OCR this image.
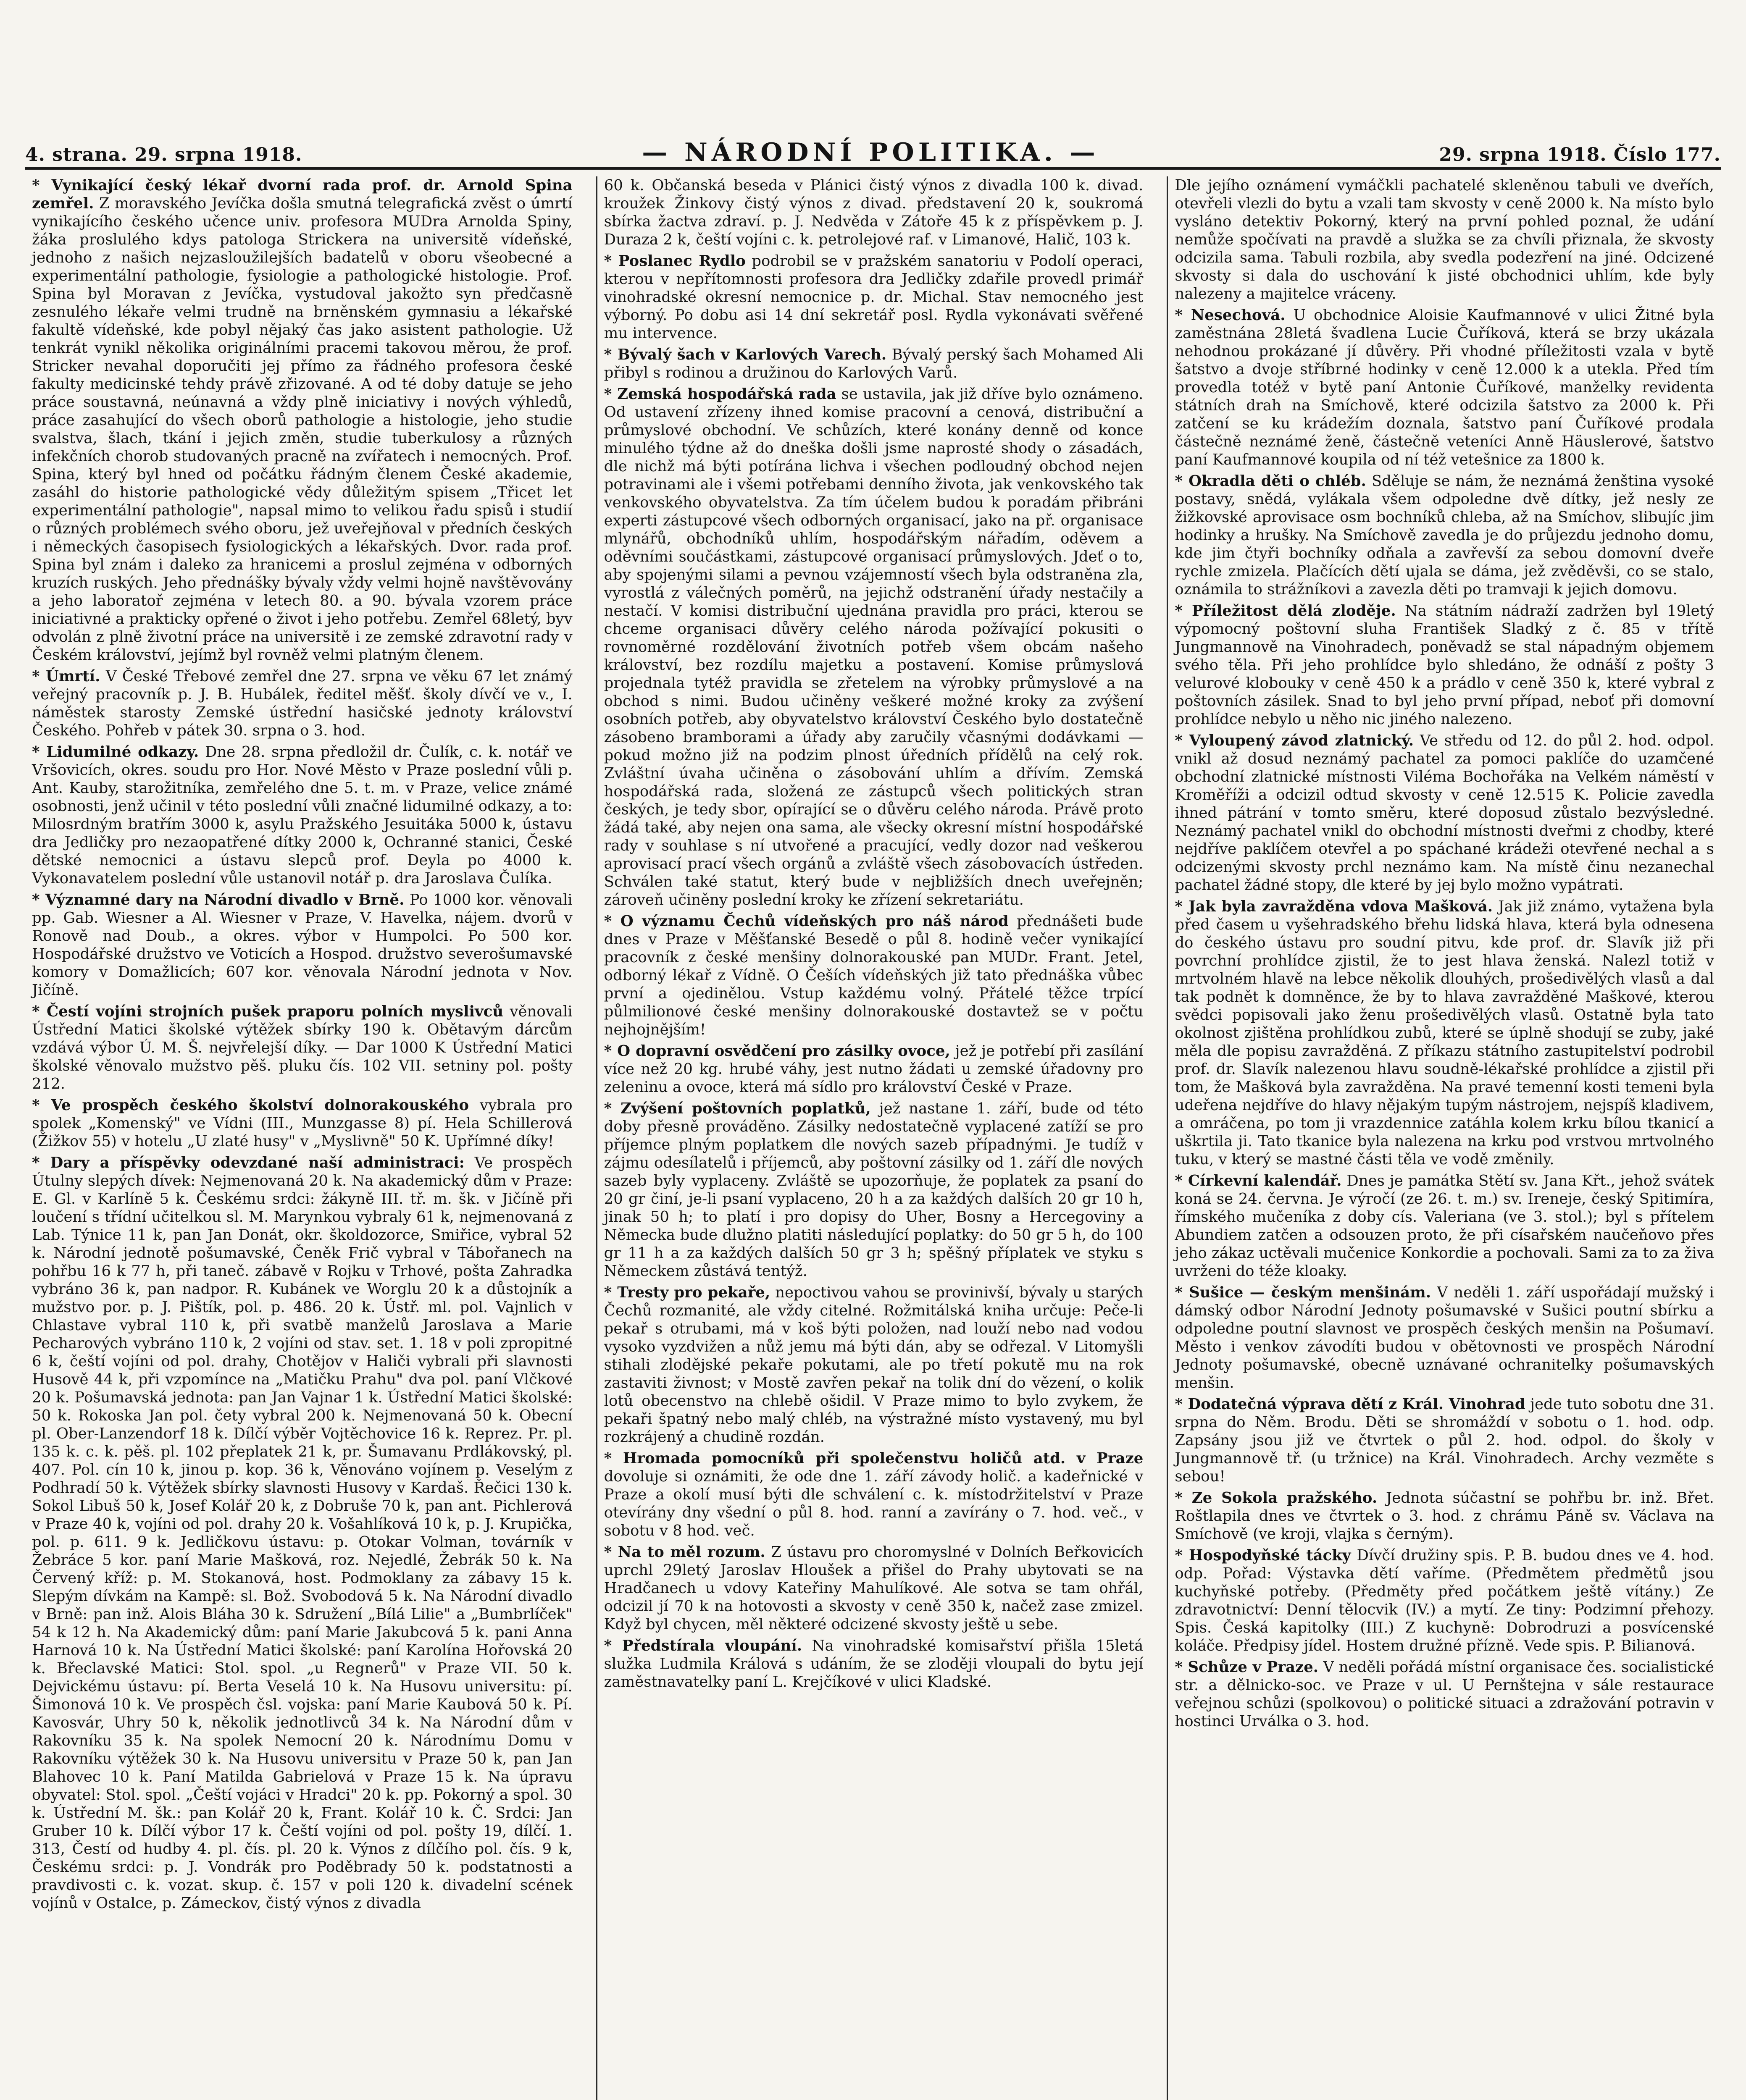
4. strana. 29. srpna 1918.	— NÁRODNÍ POLITIKA. —	29. srpna 1918. Číslo 177.

* Vynikající český lékař dvorní rada prof. dr. Arnold Spina zemřel. Z moravského Jevíčka došla smutná telegrafická zvěst o úmrtí vynikajícího českého učence univ. profesora MUDra Arnolda Spiny, žáka proslulého kdys patologa Strickera na universitě vídeňské, jednoho z našich nejzasloužilejších badatelů v oboru všeobecné a experimentální pathologie, fysiologie a pathologické histologie. Prof. Spina byl Moravan z Jevíčka, vystudoval jakožto syn předčasně zesnulého lékaře velmi trudně na brněnském gymnasiu a lékařské fakultě vídeňské, kde pobyl nějaký čas jako asistent pathologie. Už tenkrát vynikl několika originálními pracemi takovou měrou, že prof. Stricker nevahal doporučiti jej přímo za řádného profesora české fakulty medicinské tehdy právě zřizované. A od té doby datuje se jeho práce soustavná, neúnavná a vždy plně iniciativy i nových výhledů, práce zasahující do všech oborů pathologie a histologie, jeho studie svalstva, šlach, tkání i jejich změn, studie tuberkulosy a různých infekčních chorob studovaných pracně na zvířatech i nemocných. Prof. Spina, který byl hned od počátku řádným členem České akademie, zasáhl do historie pathologické vědy důležitým spisem „Třicet let experimentální pathologie", napsal mimo to velikou řadu spisů i studií o různých problémech svého oboru, jež uveřejňoval v předních českých i německých časopisech fysiologických a lékařských. Dvor. rada prof. Spina byl znám i daleko za hranicemi a proslul zejména v odborných kruzích ruských. Jeho přednášky bývaly vždy velmi hojně navštěvovány a jeho laboratoř zejména v letech 80. a 90. bývala vzorem práce iniciativné a prakticky opřené o život i jeho potřebu. Zemřel 68letý, byv odvolán z plně životní práce na universitě i ze zemské zdravotní rady v Českém království, jejímž byl rovněž velmi platným členem.

* Úmrtí. V České Třebové zemřel dne 27. srpna ve věku 67 let známý veřejný pracovník p. J. B. Hubálek, ředitel měšť. školy dívčí ve v., I. náměstek starosty Zemské ústřední hasičské jednoty království Českého. Pohřeb v pátek 30. srpna o 3. hod.

* Lidumilné odkazy. Dne 28. srpna předložil dr. Čulík, c. k. notář ve Vršovicích, okres. soudu pro Hor. Nové Město v Praze poslední vůli p. Ant. Kauby, starožitníka, zemřelého dne 5. t. m. v Praze, velice známé osobnosti, jenž učinil v této poslední vůli značné lidumilné odkazy, a to: Milosrdným bratřím 3000 k, asylu Pražského Jesuitáka 5000 k, ústavu dra Jedličky pro nezaopatřené dítky 2000 k, Ochranné stanici, České dětské nemocnici a ústavu slepců prof. Deyla po 4000 k. Vykonavatelem poslední vůle ustanovil notář p. dra Jaroslava Čulíka.

* Významné dary na Národní divadlo v Brně. Po 1000 kor. věnovali pp. Gab. Wiesner a Al. Wiesner v Praze, V. Havelka, nájem. dvorů v Ronově nad Doub., a okres. výbor v Humpolci. Po 500 kor. Hospodářské družstvo ve Voticích a Hospod. družstvo severošumavské komory v Domažlicích; 607 kor. věnovala Národní jednota v Nov. Jičíně.

* Čestí vojíni strojních pušek praporu polních myslivců věnovali Ústřední Matici školské výtěžek sbírky 190 k. Obětavým dárcům vzdává výbor Ú. M. Š. nejvřelejší díky. — Dar 1000 K Ústřední Matici školské věnovalo mužstvo pěš. pluku čís. 102 VII. setniny pol. pošty 212.

* Ve prospěch českého školství dolnorakouského vybrala pro spolek „Komenský" ve Vídni (III., Munzgasse 8) pí. Hela Schillerová (Žižkov 55) v hotelu „U zlaté husy" v „Myslivně" 50 K. Upřímné díky!

* Dary a příspěvky odevzdané naší administraci: Ve prospěch Útulny slepých dívek: Nejmenovaná 20 k. Na akademický dům v Praze: E. Gl. v Karlíně 5 k. Českému srdci: žákyně III. tř. m. šk. v Jičíně při loučení s třídní učitelkou sl. M. Marynkou vybraly 61 k, nejmenovaná z Lab. Týnice 11 k, pan Jan Donát, okr. školdozorce, Smiřice, vybral 52 k. Národní jednotě pošumavské, Čeněk Frič vybral v Tábořanech na pohřbu 16 k 77 h, při taneč. zábavě v Rojku v Trhové, pošta Zahradka vybráno 36 k, pan nadpor. R. Kubánek ve Worglu 20 k a důstojník a mužstvo por. p. J. Pištík, pol. p. 486. 20 k. Ústř. ml. pol. Vajnlich v Chlastave vybral 110 k, při svatbě manželů Jaroslava a Marie Pecharových vybráno 110 k, 2 vojíni od stav. set. 1. 18 v poli zpropitné 6 k, čeští vojíni od pol. drahy, Chotějov v Haliči vybrali při slavnosti Husově 44 k, při vzpomínce na „Matičku Prahu" dva pol. paní Vlčkové 20 k. Pošumavská jednota: pan Jan Vajnar 1 k. Ústřední Matici školské: 50 k. Rokoska Jan pol. čety vybral 200 k. Nejmenovaná 50 k. Obecní pl. Ober-Lanzendorf 18 k. Dílčí výběr Vojtěchovice 16 k. Reprez. Pr. pl. 135 k. c. k. pěš. pl. 102 přeplatek 21 k, pr. Šumavanu Prdlákovský, pl. 407. Pol. cín 10 k, jinou p. kop. 36 k, Věnováno vojínem p. Veselým z Podhradí 50 k. Výtěžek sbírky slavnosti Husovy v Kardaš. Řečici 130 k. Sokol Libuš 50 k, Josef Kolář 20 k, z Dobruše 70 k, pan ant. Pichlerová v Praze 40 k, vojíni od pol. drahy 20 k. Vošahlíková 10 k, p. J. Krupička, pol. p. 611. 9 k. Jedličkovu ústavu: p. Otokar Volman, továrník v Žebráce 5 kor. paní Marie Mašková, roz. Nejedlé, Žebrák 50 k. Na Červený kříž: p. M. Stokanová, host. Podmoklany za zábavy 15 k. Slepým dívkám na Kampě: sl. Bož. Svobodová 5 k. Na Národní divadlo v Brně: pan inž. Alois Bláha 30 k. Sdružení „Bílá Lilie" a „Bumbrlíček" 54 k 12 h. Na Akademický dům: paní Marie Jakubcová 5 k. pani Anna Harnová 10 k. Na Ústřední Matici školské: paní Karolína Hořovská 20 k. Břeclavské Matici: Stol. spol. „u Regnerů" v Praze VII. 50 k. Dejvickému ústavu: pí. Berta Veselá 10 k. Na Husovu universitu: pí. Šimonová 10 k. Ve prospěch čsl. vojska: paní Marie Kaubová 50 k. Pí. Kavosvár, Uhry 50 k, několik jednotlivců 34 k. Na Národní dům v Rakovníku 35 k. Na spolek Nemocní 20 k. Národnímu Domu v Rakovníku výtěžek 30 k. Na Husovu universitu v Praze 50 k, pan Jan Blahovec 10 k. Paní Matilda Gabrielová v Praze 15 k. Na úpravu obyvatel: Stol. spol. „Čeští vojáci v Hradci" 20 k. pp. Pokorný a spol. 30 k. Ústřední M. šk.: pan Kolář 20 k, Frant. Kolář 10 k. Č. Srdci: Jan Gruber 10 k. Dílčí výbor 17 k. Čeští vojíni od pol. pošty 19, dílčí. 1. 313, Čestí od hudby 4. pl. čís. pl. 20 k. Výnos z dílčího pol. čís. 9 k, Českému srdci: p. J. Vondrák pro Poděbrady 50 k. podstatnosti a pravdivosti c. k. vozat. skup. č. 157 v poli 120 k. divadelní scének vojínů v Ostalce, p. Zámeckov, čistý výnos z divadla

60 k. Občanská beseda v Plánici čistý výnos z divadla 100 k. divad. kroužek Žinkovy čistý výnos z divad. představení 20 k, soukromá sbírka žactva zdraví. p. J. Nedvěda v Zátoře 45 k z příspěvkem p. J. Duraza 2 k, čeští vojíni c. k. petrolejové raf. v Limanové, Halič, 103 k.

* Poslanec Rydlo podrobil se v pražském sanatoriu v Podolí operaci, kterou v nepřítomnosti profesora dra Jedličky zdařile provedl primář vinohradské okresní nemocnice p. dr. Michal. Stav nemocného jest výborný. Po dobu asi 14 dní sekretář posl. Rydla vykonávati svěřené mu intervence.

* Bývalý šach v Karlových Varech. Bývalý perský šach Mohamed Ali přibyl s rodinou a družinou do Karlových Varů.

* Zemská hospodářská rada se ustavila, jak již dříve bylo oznámeno. Od ustavení zřízeny ihned komise pracovní a cenová, distribuční a průmyslové obchodní. Ve schůzích, které konány denně od konce minulého týdne až do dneška došli jsme naprosté shody o zásadách, dle nichž má býti potírána lichva i všechen podloudný obchod nejen potravinami ale i všemi potřebami denního života, jak venkovského tak venkovského obyvatelstva. Za tím účelem budou k poradám přibráni experti zástupcové všech odborných organisací, jako na př. organisace mlynářů, obchodníků uhlím, hospodářským nářadím, oděvem a oděvními součástkami, zástupcové organisací průmyslových. Jdeť o to, aby spojenými silami a pevnou vzájemností všech byla odstraněna zla, vyrostlá z válečných poměrů, na jejichž odstranění úřady nestačily a nestačí. V komisi distribuční ujednána pravidla pro práci, kterou se chceme organisaci důvěry celého národa požívající pokusiti o rovnoměrné rozdělování životních potřeb všem obcám našeho království, bez rozdílu majetku a postavení. Komise průmyslová projednala tytéž pravidla se zřetelem na výrobky průmyslové a na obchod s nimi. Budou učiněny veškeré možné kroky za zvýšení osobních potřeb, aby obyvatelstvo království Českého bylo dostatečně zásobeno bramborami a úřady aby zaručily včasnými dodávkami — pokud možno již na podzim plnost úředních přídělů na celý rok. Zvláštní úvaha učiněna o zásobování uhlím a dřívím. Zemská hospodářská rada, složená ze zástupců všech politických stran českých, je tedy sbor, opírající se o důvěru celého národa. Právě proto žádá také, aby nejen ona sama, ale všecky okresní místní hospodářské rady v souhlase s ní utvořené a pracující, vedly dozor nad veškerou aprovisací prací všech orgánů a zvláště všech zásobovacích ústředen. Schválen také statut, který bude v nejbližších dnech uveřejněn; zároveň učiněny poslední kroky ke zřízení sekretariátu.

* O významu Čechů vídeňských pro náš národ přednášeti bude dnes v Praze v Měšťanské Besedě o půl 8. hodině večer vynikající pracovník z české menšiny dolnorakouské pan MUDr. Frant. Jetel, odborný lékař z Vídně. O Češích vídeňských již tato přednáška vůbec první a ojedinělou. Vstup každému volný. Přátelé těžce trpící půlmilionové české menšiny dolnorakouské dostavtež se v počtu nejhojnějším!

* O dopravní osvědčení pro zásilky ovoce, jež je potřebí při zasílání více než 20 kg. hrubé váhy, jest nutno žádati u zemské úřadovny pro zeleninu a ovoce, která má sídlo pro království České v Praze.

* Zvýšení poštovních poplatků, jež nastane 1. září, bude od této doby přesně prováděno. Zásilky nedostatečně vyplacené zatíží se pro příjemce plným poplatkem dle nových sazeb případnými. Je tudíž v zájmu odesílatelů i příjemců, aby poštovní zásilky od 1. září dle nových sazeb byly vyplaceny. Zvláště se upozorňuje, že poplatek za psaní do 20 gr činí, je-li psaní vyplaceno, 20 h a za každých dalších 20 gr 10 h, jinak 50 h; to platí i pro dopisy do Uher, Bosny a Hercegoviny a Německa bude dlužno platiti následující poplatky: do 50 gr 5 h, do 100 gr 11 h a za každých dalších 50 gr 3 h; spěšný příplatek ve styku s Německem zůstává tentýž.

* Tresty pro pekaře, nepoctivou vahou se provinivší, bývaly u starých Čechů rozmanité, ale vždy citelné. Rožmitálská kniha určuje: Peče-li pekař s otrubami, má v koš býti položen, nad louží nebo nad vodou vysoko vyzdvižen a nůž jemu má býti dán, aby se odřezal. V Litomyšli stihali zlodějské pekaře pokutami, ale po třetí pokutě mu na rok zastaviti živnost; v Mostě zavřen pekař na tolik dní do vězení, o kolik lotů obecenstvo na chlebě ošidil. V Praze mimo to bylo zvykem, že pekaři špatný nebo malý chléb, na výstražné místo vystavený, mu byl rozkrájený a chudině rozdán.

* Hromada pomocníků při společenstvu holičů atd. v Praze dovoluje si oznámiti, že ode dne 1. září závody holič. a kadeřnické v Praze a okolí musí býti dle schválení c. k. místodržitelství v Praze otevírány dny všední o půl 8. hod. ranní a zavírány o 7. hod. več., v sobotu v 8 hod. več.

* Na to měl rozum. Z ústavu pro choromyslné v Dolních Beřkovicích uprchl 29letý Jaroslav Hloušek a přišel do Prahy ubytovati se na Hradčanech u vdovy Kateřiny Mahulíkové. Ale sotva se tam ohřál, odcizil jí 70 k na hotovosti a skvosty v ceně 350 k, načež zase zmizel. Když byl chycen, měl některé odcizené skvosty ještě u sebe.

* Předstírala vloupání. Na vinohradské komisařství přišla 15letá služka Ludmila Králová s udáním, že se zloději vloupali do bytu její zaměstnavatelky paní L. Krejčíkové v ulici Kladské.

Dle jejího oznámení vymáčkli pachatelé skleněnou tabuli ve dveřích, otevřeli vlezli do bytu a vzali tam skvosty v ceně 2000 k. Na místo bylo vysláno detektiv Pokorný, který na první pohled poznal, že udání nemůže spočívati na pravdě a služka se za chvíli přiznala, že skvosty odcizila sama. Tabuli rozbila, aby svedla podezření na jiné. Odcizené skvosty si dala do uschování k jisté obchodnici uhlím, kde byly nalezeny a majitelce vráceny.

* Nesechová. U obchodnice Aloisie Kaufmannové v ulici Žitné byla zaměstnána 28letá švadlena Lucie Čuříková, která se brzy ukázala nehodnou prokázané jí důvěry. Při vhodné příležitosti vzala v bytě šatstvo a dvoje stříbrné hodinky v ceně 12.000 k a utekla. Před tím provedla totéž v bytě paní Antonie Čuříkové, manželky revidenta státních drah na Smíchově, které odcizila šatstvo za 2000 k. Při zatčení se ku krádežím doznala, šatstvo paní Čuříkové prodala částečně neznámé ženě, částečně veteníci Anně Häuslerové, šatstvo paní Kaufmannové koupila od ní též vetešnice za 1800 k.

* Okradla děti o chléb. Sděluje se nám, že neznámá ženština vysoké postavy, snědá, vylákala všem odpoledne dvě dítky, jež nesly ze žižkovské aprovisace osm bochníků chleba, až na Smíchov, slibujíc jim hodinky a hrušky. Na Smíchově zavedla je do průjezdu jednoho domu, kde jim čtyři bochníky odňala a zavřevší za sebou domovní dveře rychle zmizela. Plačících dětí ujala se dáma, jež zvěděvši, co se stalo, oznámila to strážníkovi a zavezla děti po tramvaji k jejich domovu.

* Příležitost dělá zloděje. Na státním nádraží zadržen byl 19letý výpomocný poštovní sluha František Sladký z č. 85 v třítě Jungmannově na Vinohradech, poněvadž se stal nápadným objemem svého těla. Při jeho prohlídce bylo shledáno, že odnáší z pošty 3 velurové klobouky v ceně 450 k a prádlo v ceně 350 k, které vybral z poštovních zásilek. Snad to byl jeho první případ, neboť při domovní prohlídce nebylo u něho nic jiného nalezeno.

* Vyloupený závod zlatnický. Ve středu od 12. do půl 2. hod. odpol. vnikl až dosud neznámý pachatel za pomoci paklíče do uzamčené obchodní zlatnické místnosti Viléma Bochořáka na Velkém náměstí v Kroměříži a odcizil odtud skvosty v ceně 12.515 K. Policie zavedla ihned pátrání v tomto směru, které doposud zůstalo bezvýsledné. Neznámý pachatel vnikl do obchodní místnosti dveřmi z chodby, které nejdříve paklíčem otevřel a po spáchané krádeži otevřené nechal a s odcizenými skvosty prchl neznámo kam. Na místě činu nezanechal pachatel žádné stopy, dle které by jej bylo možno vypátrati.

* Jak byla zavražděna vdova Mašková. Jak již známo, vytažena byla před časem u vyšehradského břehu lidská hlava, která byla odnesena do českého ústavu pro soudní pitvu, kde prof. dr. Slavík již při povrchní prohlídce zjistil, že to jest hlava ženská. Nalezl totiž v mrtvolném hlavě na lebce několik dlouhých, prošedivělých vlasů a dal tak podnět k domněnce, že by to hlava zavražděné Maškové, kterou svědci popisovali jako ženu prošedivělých vlasů. Ostatně byla tato okolnost zjištěna prohlídkou zubů, které se úplně shodují se zuby, jaké měla dle popisu zavražděná. Z příkazu státního zastupitelství podrobil prof. dr. Slavík nalezenou hlavu soudně-lékařské prohlídce a zjistil při tom, že Mašková byla zavražděna. Na pravé temenní kosti temeni byla udeřena nejdříve do hlavy nějakým tupým nástrojem, nejspíš kladivem, a omráčena, po tom ji vrazdennice zatáhla kolem krku bílou tkanicí a uškrtila ji. Tato tkanice byla nalezena na krku pod vrstvou mrtvolného tuku, v který se mastné části těla ve vodě změnily.

* Církevní kalendář. Dnes je památka Stětí sv. Jana Křt., jehož svátek koná se 24. června. Je výročí (ze 26. t. m.) sv. Ireneje, český Spitimíra, římského mučeníka z doby cís. Valeriana (ve 3. stol.); byl s přítelem Abundiem zatčen a odsouzen proto, že při císařském naučeňovo přes jeho zákaz uctěvali mučenice Konkordie a pochovali. Sami za to za živa uvrženi do téže kloaky.

* Sušice — českým menšinám. V neděli 1. září uspořádají mužský i dámský odbor Národní Jednoty pošumavské v Sušici poutní sbírku a odpoledne poutní slavnost ve prospěch českých menšin na Pošumaví. Město i venkov závodíti budou v obětovnosti ve prospěch Národní Jednoty pošumavské, obecně uznávané ochranitelky pošumavských menšin.

* Dodatečná výprava dětí z Král. Vinohrad jede tuto sobotu dne 31. srpna do Něm. Brodu. Děti se shromáždí v sobotu o 1. hod. odp. Zapsány jsou již ve čtvrtek o půl 2. hod. odpol. do školy v Jungmannově tř. (u tržnice) na Král. Vinohradech. Archy vezměte s sebou!

* Ze Sokola pražského. Jednota súčastní se pohřbu br. inž. Břet. Roštlapila dnes ve čtvrtek o 3. hod. z chrámu Páně sv. Václava na Smíchově (ve kroji, vlajka s černým).

* Hospodyňské tácky Dívčí družiny spis. P. B. budou dnes ve 4. hod. odp. Pořad: Výstavka dětí vaříme. (Předmětem předmětů jsou kuchyňské potřeby. (Předměty před počátkem ještě vítány.) Ze zdravotnictví: Denní tělocvik (IV.) a mytí. Ze tiny: Podzimní přehozy. Spis. Česká kapitolky (III.) Z kuchyně: Dobrodruzi a posvícenské koláče. Předpisy jídel. Hostem družné přízně. Vede spis. P. Bilianová.

* Schůze v Praze. V neděli pořádá místní organisace čes. socialistické str. a dělnicko-soc. ve Praze v ul. U Pernštejna v sále restaurace veřejnou schůzi (spolkovou) o politické situaci a zdražování potravin v hostinci Urválka o 3. hod.
